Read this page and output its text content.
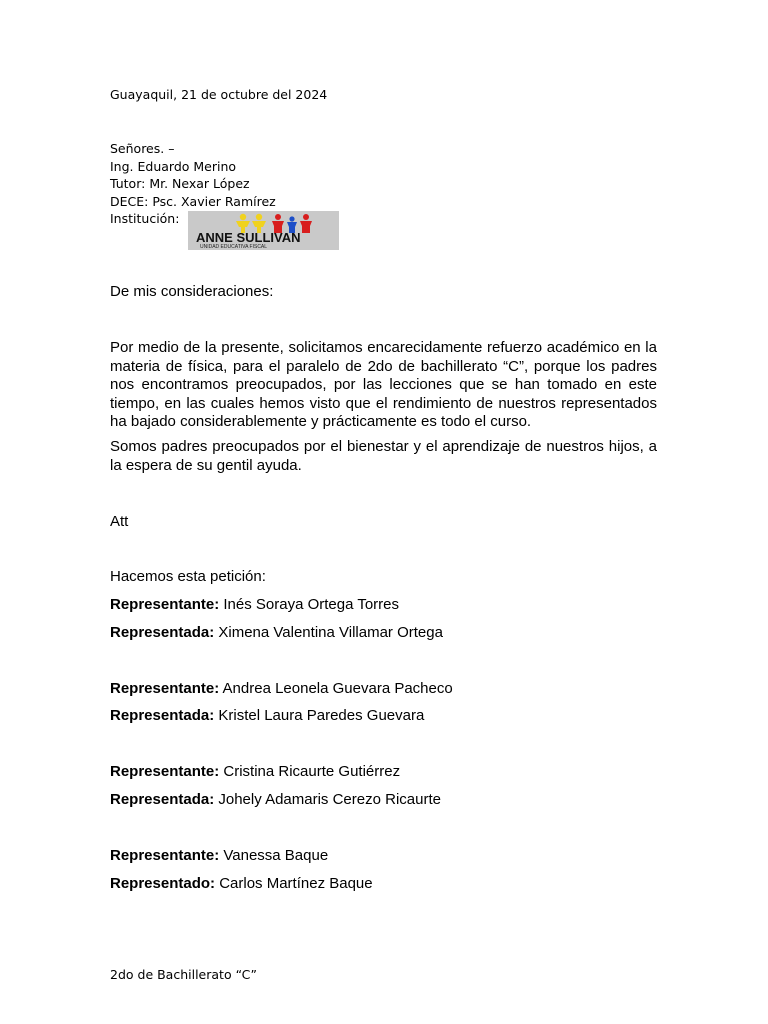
Guayaquil, 21 de octubre del 2024
Señores. –
Ing. Eduardo Merino
Tutor: Mr. Nexar López
DECE: Psc. Xavier Ramírez
Institución:
ANNE SULLIVAN
UNIDAD EDUCATIVA FISCAL
De mis consideraciones:
Por medio de la presente, solicitamos encarecidamente refuerzo académico en la materia de física, para el paralelo de 2do de bachillerato “C”, porque los padres nos encontramos preocupados, por las lecciones que se han tomado en este tiempo, en las cuales hemos visto que el rendimiento de nuestros representados ha bajado considerablemente y prácticamente es todo el curso.
Somos padres preocupados por el bienestar y el aprendizaje de nuestros hijos, a la espera de su gentil ayuda.
Att
Hacemos esta petición:
Representante: Inés Soraya Ortega Torres
Representada: Ximena Valentina Villamar Ortega
Representante: Andrea Leonela Guevara Pacheco
Representada: Kristel Laura Paredes Guevara
Representante: Cristina Ricaurte Gutiérrez
Representada: Johely Adamaris Cerezo Ricaurte
Representante: Vanessa Baque
Representado: Carlos Martínez Baque
2do de Bachillerato “C”
